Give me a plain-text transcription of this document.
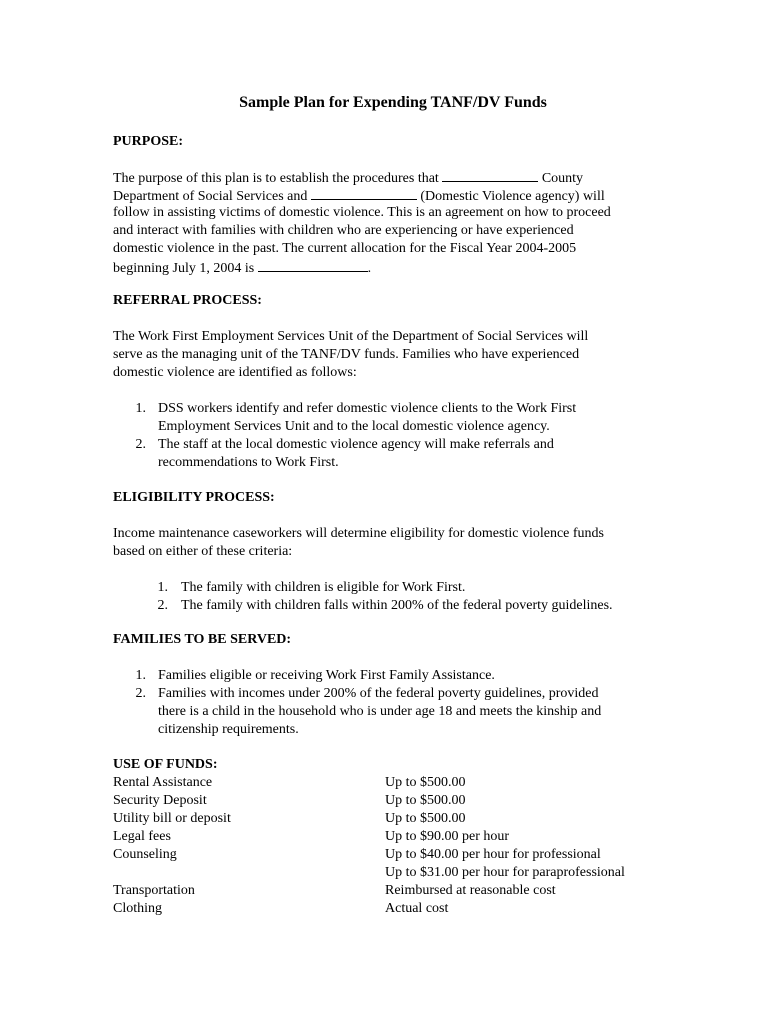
Sample Plan for Expending TANF/DV Funds
PURPOSE:
The purpose of this plan is to establish the procedures that	County
Department of Social Services and	(Domestic Violence agency) will
follow in assisting victims of domestic violence. This is an agreement on how to proceed
and interact with families with children who are experiencing or have experienced
domestic violence in the past. The current allocation for the Fiscal Year 2004-2005
beginning July 1, 2004 is	.
REFERRAL PROCESS:
The Work First Employment Services Unit of the Department of Social Services will
serve as the managing unit of the TANF/DV funds. Families who have experienced
domestic violence are identified as follows:
1. DSS workers identify and refer domestic violence clients to the Work First
Employment Services Unit and to the local domestic violence agency.
2. The staff at the local domestic violence agency will make referrals and
recommendations to Work First.
ELIGIBILITY PROCESS:
Income maintenance caseworkers will determine eligibility for domestic violence funds
based on either of these criteria:
1. The family with children is eligible for Work First.
2. The family with children falls within 200% of the federal poverty guidelines.
FAMILIES TO BE SERVED:
1. Families eligible or receiving Work First Family Assistance.
2. Families with incomes under 200% of the federal poverty guidelines, provided
there is a child in the household who is under age 18 and meets the kinship and
citizenship requirements.
USE OF FUNDS:
Rental Assistance	Up to $500.00
Security Deposit	Up to $500.00
Utility bill or deposit	Up to $500.00
Legal fees	Up to $90.00 per hour
Counseling	Up to $40.00 per hour for professional
Up to $31.00 per hour for paraprofessional
Transportation	Reimbursed at reasonable cost
Clothing	Actual cost
